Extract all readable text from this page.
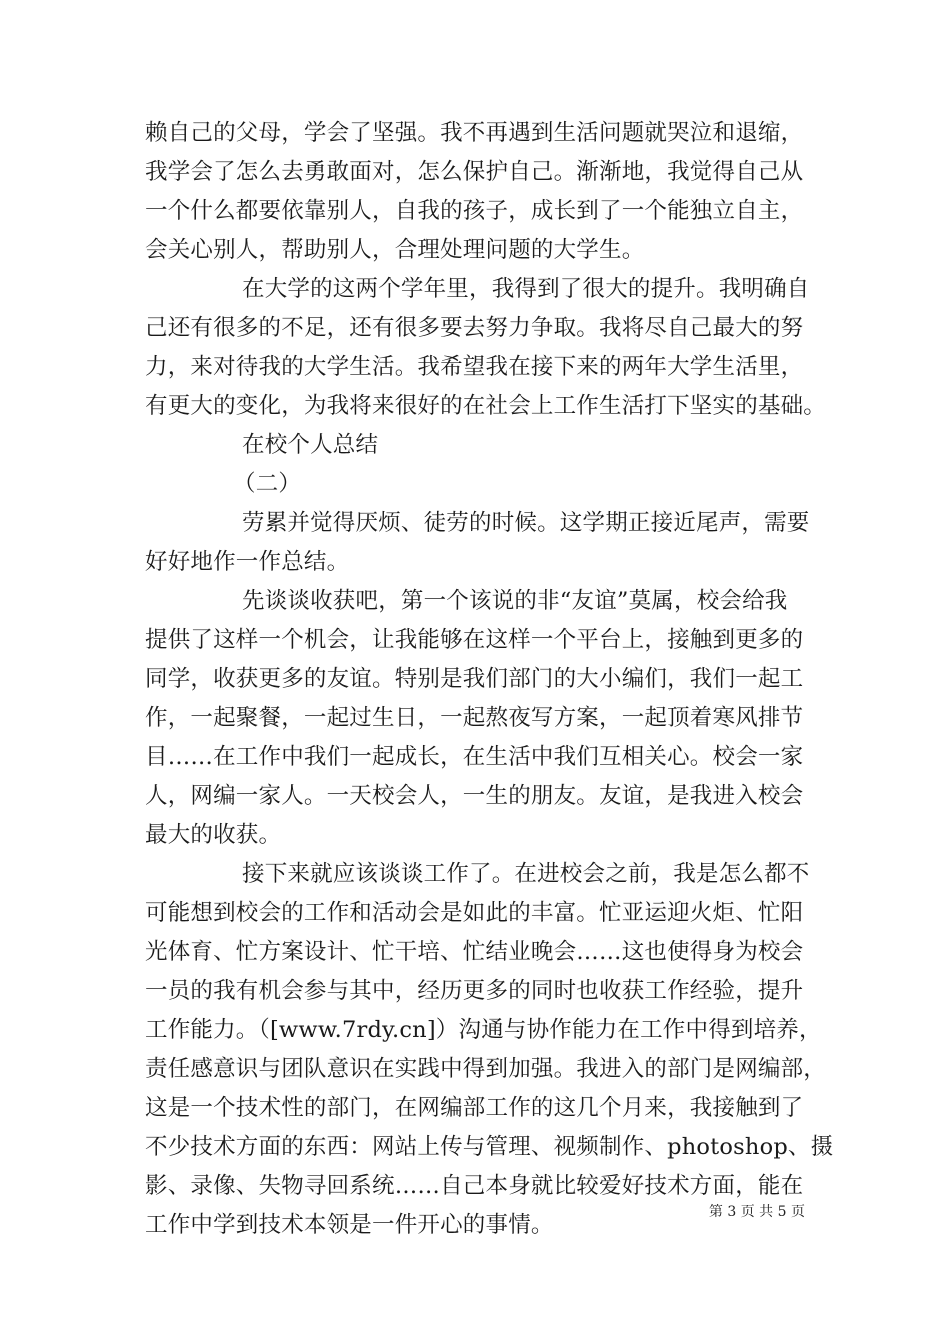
赖自己的父母，学会了坚强。我不再遇到生活问题就哭泣和退缩，
我学会了怎么去勇敢面对，怎么保护自己。渐渐地，我觉得自己从
一个什么都要依靠别人，自我的孩子，成长到了一个能独立自主，
会关心别人，帮助别人，合理处理问题的大学生。
在大学的这两个学年里，我得到了很大的提升。我明确自
己还有很多的不足，还有很多要去努力争取。我将尽自己最大的努
力，来对待我的大学生活。我希望我在接下来的两年大学生活里，
有更大的变化，为我将来很好的在社会上工作生活打下坚实的基础。
在校个人总结
（二）
劳累并觉得厌烦、徒劳的时候。这学期正接近尾声，需要
好好地作一作总结。
先谈谈收获吧，第一个该说的非“友谊”莫属，校会给我
提供了这样一个机会，让我能够在这样一个平台上，接触到更多的
同学，收获更多的友谊。特别是我们部门的大小编们，我们一起工
作，一起聚餐，一起过生日，一起熬夜写方案，一起顶着寒风排节
目……在工作中我们一起成长，在生活中我们互相关心。校会一家
人，网编一家人。一天校会人，一生的朋友。友谊，是我进入校会
最大的收获。
接下来就应该谈谈工作了。在进校会之前，我是怎么都不
可能想到校会的工作和活动会是如此的丰富。忙亚运迎火炬、忙阳
光体育、忙方案设计、忙干培、忙结业晚会……这也使得身为校会
一员的我有机会参与其中，经历更多的同时也收获工作经验，提升
工作能力。（[www.7rdy.cn]）沟通与协作能力在工作中得到培养，
责任感意识与团队意识在实践中得到加强。我进入的部门是网编部，
这是一个技术性的部门，在网编部工作的这几个月来，我接触到了
不少技术方面的东西：网站上传与管理、视频制作、photoshop、摄
影、录像、失物寻回系统……自己本身就比较爱好技术方面，能在
工作中学到技术本领是一件开心的事情。	第 3 页 共 5 页
